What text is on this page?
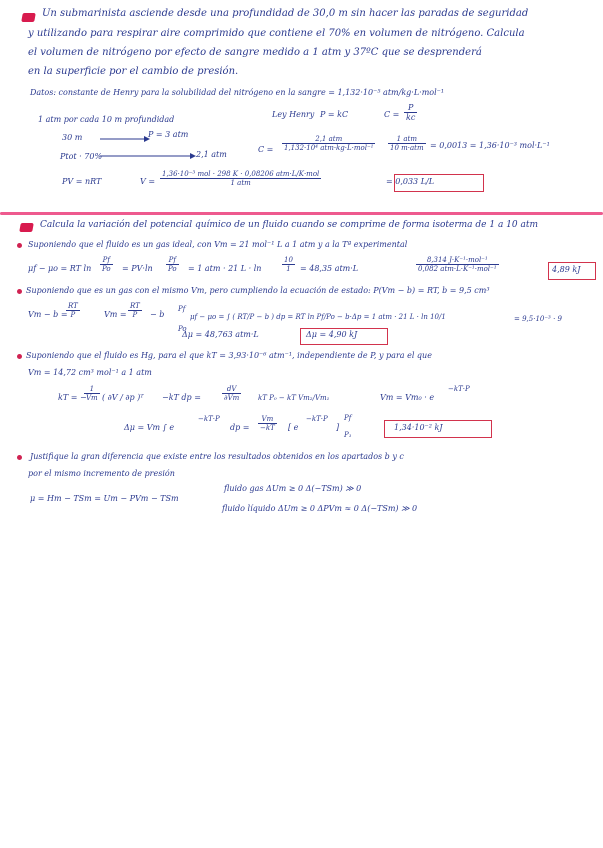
Un submarinista asciende desde una profundidad de 30,0 m sin hacer las paradas de seguridad
y utilizando para respirar aire comprimido que contiene el 70% en volumen de nitrógeno. Calcula
el volumen de nitrógeno por efecto de sangre medido a 1 atm y 37ºC que se desprenderá
en la superficie por el cambio de presión.
Datos: constante de Henry para la solubilidad del nitrógeno en la sangre = 1,132·10⁻⁵ atm/kg·L·mol⁻¹
1 atm por cada 10 m profundidad
30 m	P = 3 atm
Ptot · 70%	2,1 atm
Ley Henry P = kC	$C = \frac{P}{kc}$
C =
2,1 atm
1,132·10⁴ atm·kg·L·mol⁻¹
1 atm
10 m·atm = 0,0013 = 1,36·10⁻³ mol·L⁻¹
PV = nRT	V =
1,36·10⁻³ mol · 298 K · 0,08206 atm·L/K·mol
1 atm	= 0,033 L/L
Calcula la variación del potencial químico de un fluido cuando se comprime de forma isoterma de 1 a 10 atm
Suponiendo que el fluido es un gas ideal, con Vm = 21 mol⁻¹ L a 1 atm y a la Tª experimental
μf − μo = RT $\ln \frac{Pf}{Po} = PV\cdot\ln \frac{Pf}{Po} = 1$ atm · 21 L · ln	$\frac{10}{1} = 48,35$ atm·L
8,314 J·K⁻¹·mol⁻¹
0,082 atm·L·K⁻¹·mol⁻¹	4,89 kJ
Suponiendo que es un gas con el mismo Vm, pero cumpliendo la ecuación de estado: P(Vm − b) = RT, b = 9,5 cm³
Vm − b =
$\frac{RT}{P}$	$Vm = \frac{RT}{P} - b$
Pf
Po
μf − μo = ∫ ( RT/P − b ) dp = RT ln Pf/Po − b·Δp = 1 atm · 21 L · ln 10/1	= 9,5·10⁻³ · 9
Δμ = 48,763 atm·L	Δμ = 4,90 kJ
Suponiendo que el fluido es Hg, para el que kT = 3,93·10⁻⁶ atm⁻¹, independiente de P, y para el que
Vm = 14,72 cm³ mol⁻¹ a 1 atm
kT = −
$\frac{1}{Vm}$ ( ∂V / ∂p )ᵀ −kT dp =	$\frac{dV}{\partial Vm}$ kT P₀ − kT Vm₂/Vm₁	Vm = Vm₀ · e
−kT·P
Δμ = Vm ∫ e
−kT·P
dp = $\frac{Vm}{-kT}$ [ e
−kT·P
]
Pf
P₁
1,34·10⁻² kJ
Justifique la gran diferencia que existe entre los resultados obtenidos en los apartados b y c
por el mismo incremento de presión
μ = Hm − TSm = Um − PVm − TSm
fluido gas ΔUm ≥ 0 Δ(−TSm) ≫ 0
fluido líquido ΔUm ≥ 0 ΔPVm ≈ 0 Δ(−TSm) ≫ 0
